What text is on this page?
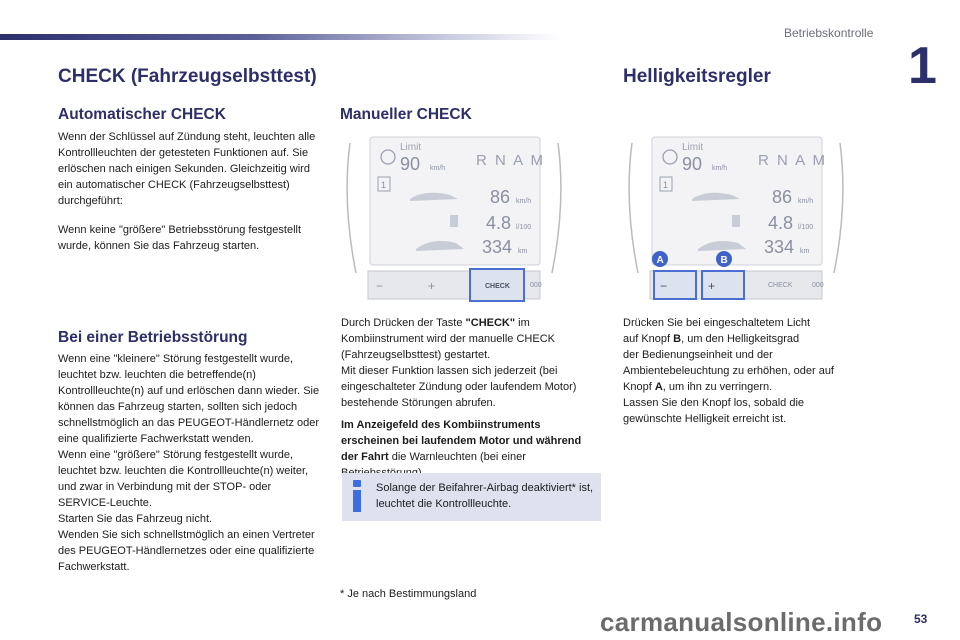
Betriebskontrolle
1
CHECK (Fahrzeugselbsttest)
Automatischer CHECK

Wenn der Schlüssel auf Zündung steht, leuchten alle Kontrollleuchten der getesteten Funktionen auf. Sie erlöschen nach einigen Sekunden. Gleichzeitig wird ein automatischer CHECK (Fahrzeugselbsttest) durchgeführt:

Wenn keine "größere" Betriebsstörung festgestellt wurde, können Sie das Fahrzeug starten.

Bei einer Betriebsstörung

Wenn eine "kleinere" Störung festgestellt wurde, leuchtet bzw. leuchten die betreffende(n) Kontrollleuchte(n) auf und erlöschen dann wieder. Sie können das Fahrzeug starten, sollten sich jedoch schnellstmöglich an das PEUGEOT-Händlernetz oder eine qualifizierte Fachwerkstatt wenden.

Wenn eine "größere" Störung festgestellt wurde, leuchtet bzw. leuchten die Kontrollleuchte(n) weiter, und zwar in Verbindung mit der STOP- oder SERVICE-Leuchte.

Starten Sie das Fahrzeug nicht.

Wenden Sie sich schnellstmöglich an einen Vertreter des PEUGEOT-Händlernetzes oder eine qualifizierte Fachwerkstatt.

Manueller CHECK
Limit
90 km/h R N A M
1
86 km/h
4.8 l/100
334 km
−	+	CHECK	000

Durch Drücken der Taste "CHECK" im Kombiinstrument wird der manuelle CHECK (Fahrzeugselbsttest) gestartet.

Mit dieser Funktion lassen sich jederzeit (bei eingeschalteter Zündung oder laufendem Motor) bestehende Störungen abrufen.

Im Anzeigefeld des Kombiinstruments erscheinen bei laufendem Motor und während der Fahrt die Warnleuchten (bei einer

Solange der Beifahrer-Airbag deaktiviert* ist, leuchtet die Kontrollleuchte.
* Je nach Bestimmungsland
Helligkeitsregler
Limit
90 km/h R N A M
1
86 km/h
4.8 l/100
334 km
−	+	CHECK	000
A	B

Drücken Sie bei eingeschaltetem Licht

auf Knopf B, um den Helligkeitsgrad

der Bedienungseinheit und der

Ambientebeleuchtung zu erhöhen, oder auf

Knopf A, um ihn zu verringern.

Lassen Sie den Knopf los, sobald die

gewünschte Helligkeit erreicht ist.

carmanualsonline.info	53
